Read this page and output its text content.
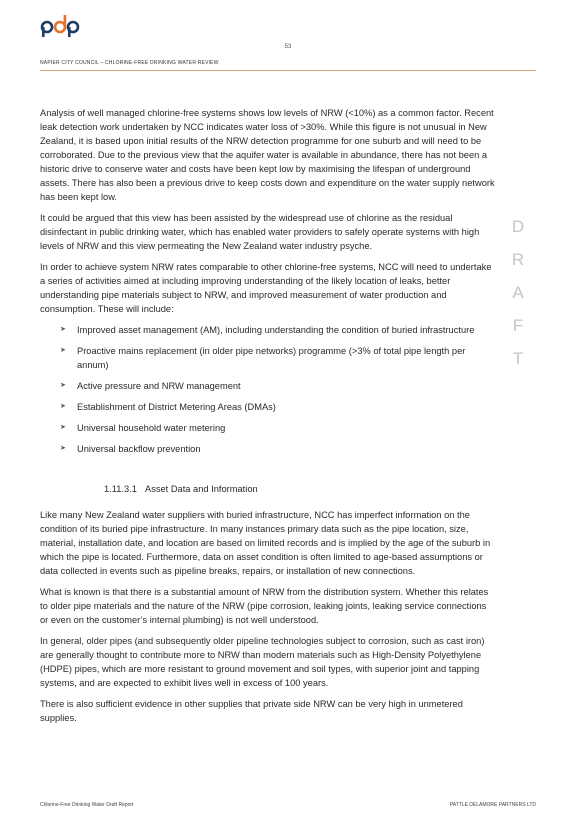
53
NAPIER CITY COUNCIL – CHLORINE-FREE DRINKING WATER REVIEW
D
R
A
F
T

Analysis of well managed chlorine-free systems shows low levels of NRW (<10%) as a common factor. Recent leak detection work undertaken by NCC indicates water loss of >30%. While this figure is not unusual in New Zealand, it is based upon initial results of the NRW detection programme for one suburb and will need to be corroborated. Due to the previous view that the aquifer water is available in abundance, there has not been a historic drive to conserve water and costs have been kept low by maximising the lifespan of underground assets. There has also been a previous drive to keep costs down and expenditure on the water supply network has been kept low.

It could be argued that this view has been assisted by the widespread use of chlorine as the residual disinfectant in public drinking water, which has enabled water providers to safely operate systems with high levels of NRW and this view permeating the New Zealand water industry psyche.

In order to achieve system NRW rates comparable to other chlorine-free systems, NCC will need to undertake a series of activities aimed at including improving understanding of the likely location of leaks, better understanding pipe materials subject to NRW, and improved measurement of water production and consumption. These will include:

➤ Improved asset management (AM), including understanding the condition of buried infrastructure
➤ Proactive mains replacement (in older pipe networks) programme (>3% of total pipe length per annum)
➤ Active pressure and NRW management
➤ Establishment of District Metering Areas (DMAs)
➤ Universal household water metering
➤ Universal backflow prevention
1.11.3.1 Asset Data and Information

Like many New Zealand water suppliers with buried infrastructure, NCC has imperfect information on the condition of its buried pipe infrastructure. In many instances primary data such as the pipe location, size, material, installation date, and location are based on limited records and is implied by the age of the suburb in which the pipe is located. Furthermore, data on asset condition is often limited to age-based assumptions or data collected in events such as pipeline breaks, repairs, or installation of new connections.

What is known is that there is a substantial amount of NRW from the distribution system. Whether this relates to older pipe materials and the nature of the NRW (pipe corrosion, leaking joints, leaking service connections or even on the customer’s internal plumbing) is not well understood.

In general, older pipes (and subsequently older pipeline technologies subject to corrosion, such as cast iron) are generally thought to contribute more to NRW than modern materials such as High-Density Polyethylene (HDPE) pipes, which are more resistant to ground movement and soil types, with superior joint and tapping systems, and are expected to exhibit lives well in excess of 100 years.

There is also sufficient evidence in other supplies that private side NRW can be very high in unmetered supplies.

Chlorine-Free Drinking Water Draft Report	PATTLE DELAMORE PARTNERS LTD
